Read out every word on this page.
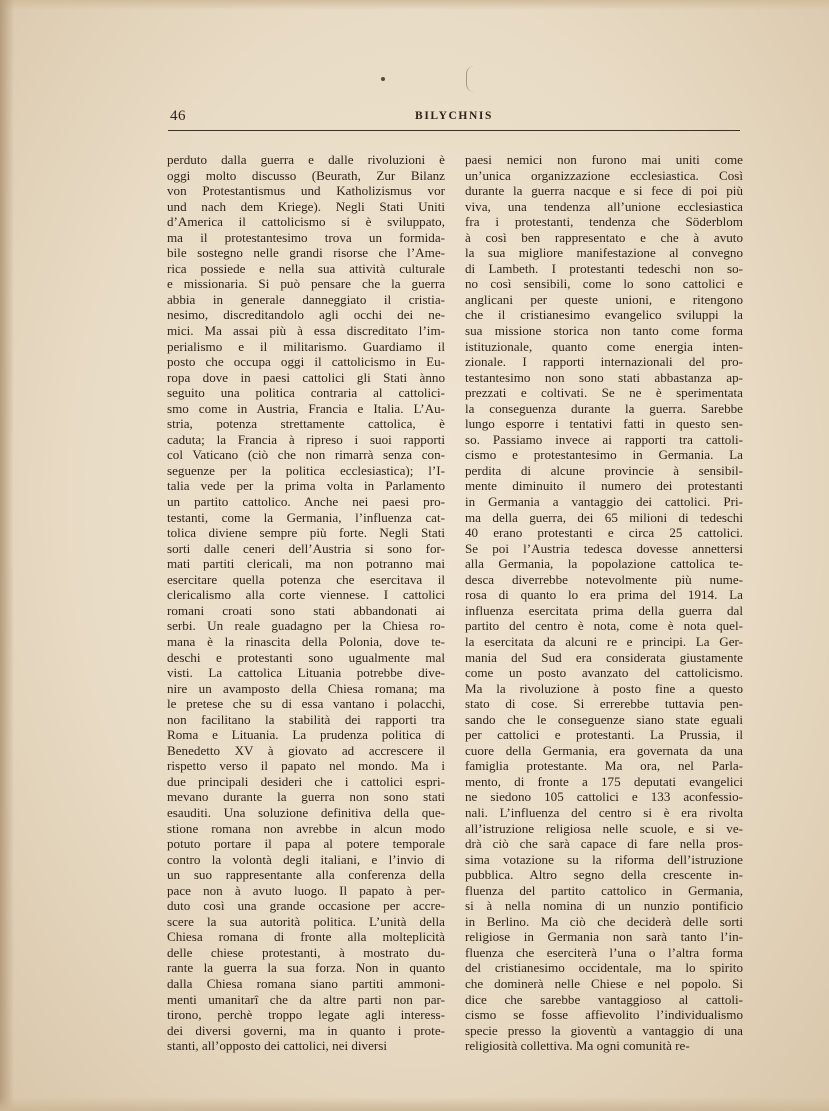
46	BILYCHNIS
perduto dalla guerra e dalle rivoluzioni è
oggi molto discusso (Beurath, Zur Bilanz
von Protestantismus und Katholizismus vor
und nach dem Kriege). Negli Stati Uniti
d’America il cattolicismo si è sviluppato,
ma il protestantesimo trova un formida-
bile sostegno nelle grandi risorse che l’Ame-
rica possiede e nella sua attività culturale
e missionaria. Si può pensare che la guerra
abbia in generale danneggiato il cristia-
nesimo, discreditandolo agli occhi dei ne-
mici. Ma assai più à essa discreditato l’im-
perialismo e il militarismo. Guardiamo il
posto che occupa oggi il cattolicismo in Eu-
ropa dove in paesi cattolici gli Stati ànno
seguito una politica contraria al cattolici-
smo come in Austria, Francia e Italia. L’Au-
stria, potenza strettamente cattolica, è
caduta; la Francia à ripreso i suoi rapporti
col Vaticano (ciò che non rimarrà senza con-
seguenze per la politica ecclesiastica); l’I-
talia vede per la prima volta in Parlamento
un partito cattolico. Anche nei paesi pro-
testanti, come la Germania, l’influenza cat-
tolica diviene sempre più forte. Negli Stati
sorti dalle ceneri dell’Austria si sono for-
mati partiti clericali, ma non potranno mai
esercitare quella potenza che esercitava il
clericalismo alla corte viennese. I cattolici
romani croati sono stati abbandonati ai
serbi. Un reale guadagno per la Chiesa ro-
mana è la rinascita della Polonia, dove te-
deschi e protestanti sono ugualmente mal
visti. La cattolica Lituania potrebbe dive-
nire un avamposto della Chiesa romana; ma
le pretese che su di essa vantano i polacchi,
non facilitano la stabilità dei rapporti tra
Roma e Lituania. La prudenza politica di
Benedetto XV à giovato ad accrescere il
rispetto verso il papato nel mondo. Ma i
due principali desideri che i cattolici espri-
mevano durante la guerra non sono stati
esauditi. Una soluzione definitiva della que-
stione romana non avrebbe in alcun modo
potuto portare il papa al potere temporale
contro la volontà degli italiani, e l’invio di
un suo rappresentante alla conferenza della
pace non à avuto luogo. Il papato à per-
duto così una grande occasione per accre-
scere la sua autorità politica. L’unità della
Chiesa romana di fronte alla molteplicità
delle chiese protestanti, à mostrato du-
rante la guerra la sua forza. Non in quanto
dalla Chiesa romana siano partiti ammoni-
menti umanitarî che da altre parti non par-
tirono, perchè troppo legate agli interess-
dei diversi governi, ma in quanto i prote-
stanti, all’opposto dei cattolici, nei diversi
paesi nemici non furono mai uniti come
un’unica organizzazione ecclesiastica. Così
durante la guerra nacque e si fece di poi più
viva, una tendenza all’unione ecclesiastica
fra i protestanti, tendenza che Söderblom
à così ben rappresentato e che à avuto
la sua migliore manifestazione al convegno
di Lambeth. I protestanti tedeschi non so-
no così sensibili, come lo sono cattolici e
anglicani per queste unioni, e ritengono
che il cristianesimo evangelico sviluppi la
sua missione storica non tanto come forma
istituzionale, quanto come energia inten-
zionale. I rapporti internazionali del pro-
testantesimo non sono stati abbastanza ap-
prezzati e coltivati. Se ne è sperimentata
la conseguenza durante la guerra. Sarebbe
lungo esporre i tentativi fatti in questo sen-
so. Passiamo invece ai rapporti tra cattoli-
cismo e protestantesimo in Germania. La
perdita di alcune provincie à sensibil-
mente diminuito il numero dei protestanti
in Germania a vantaggio dei cattolici. Pri-
ma della guerra, dei 65 milioni di tedeschi
40 erano protestanti e circa 25 cattolici.
Se poi l’Austria tedesca dovesse annettersi
alla Germania, la popolazione cattolica te-
desca diverrebbe notevolmente più nume-
rosa di quanto lo era prima del 1914. La
influenza esercitata prima della guerra dal
partito del centro è nota, come è nota quel-
la esercitata da alcuni re e principi. La Ger-
mania del Sud era considerata giustamente
come un posto avanzato del cattolicismo.
Ma la rivoluzione à posto fine a questo
stato di cose. Si errerebbe tuttavia pen-
sando che le conseguenze siano state eguali
per cattolici e protestanti. La Prussia, il
cuore della Germania, era governata da una
famiglia protestante. Ma ora, nel Parla-
mento, di fronte a 175 deputati evangelici
ne siedono 105 cattolici e 133 aconfessio-
nali. L’influenza del centro si è era rivolta
all’istruzione religiosa nelle scuole, e si ve-
drà ciò che sarà capace di fare nella pros-
sima votazione su la riforma dell’istruzione
pubblica. Altro segno della crescente in-
fluenza del partito cattolico in Germania,
si à nella nomina di un nunzio pontificio
in Berlino. Ma ciò che deciderà delle sorti
religiose in Germania non sarà tanto l’in-
fluenza che eserciterà l’una o l’altra forma
del cristianesimo occidentale, ma lo spirito
che dominerà nelle Chiese e nel popolo. Si
dice che sarebbe vantaggioso al cattoli-
cismo se fosse affievolito l’individualismo
specie presso la gioventù a vantaggio di una
religiosità collettiva. Ma ogni comunità re-
